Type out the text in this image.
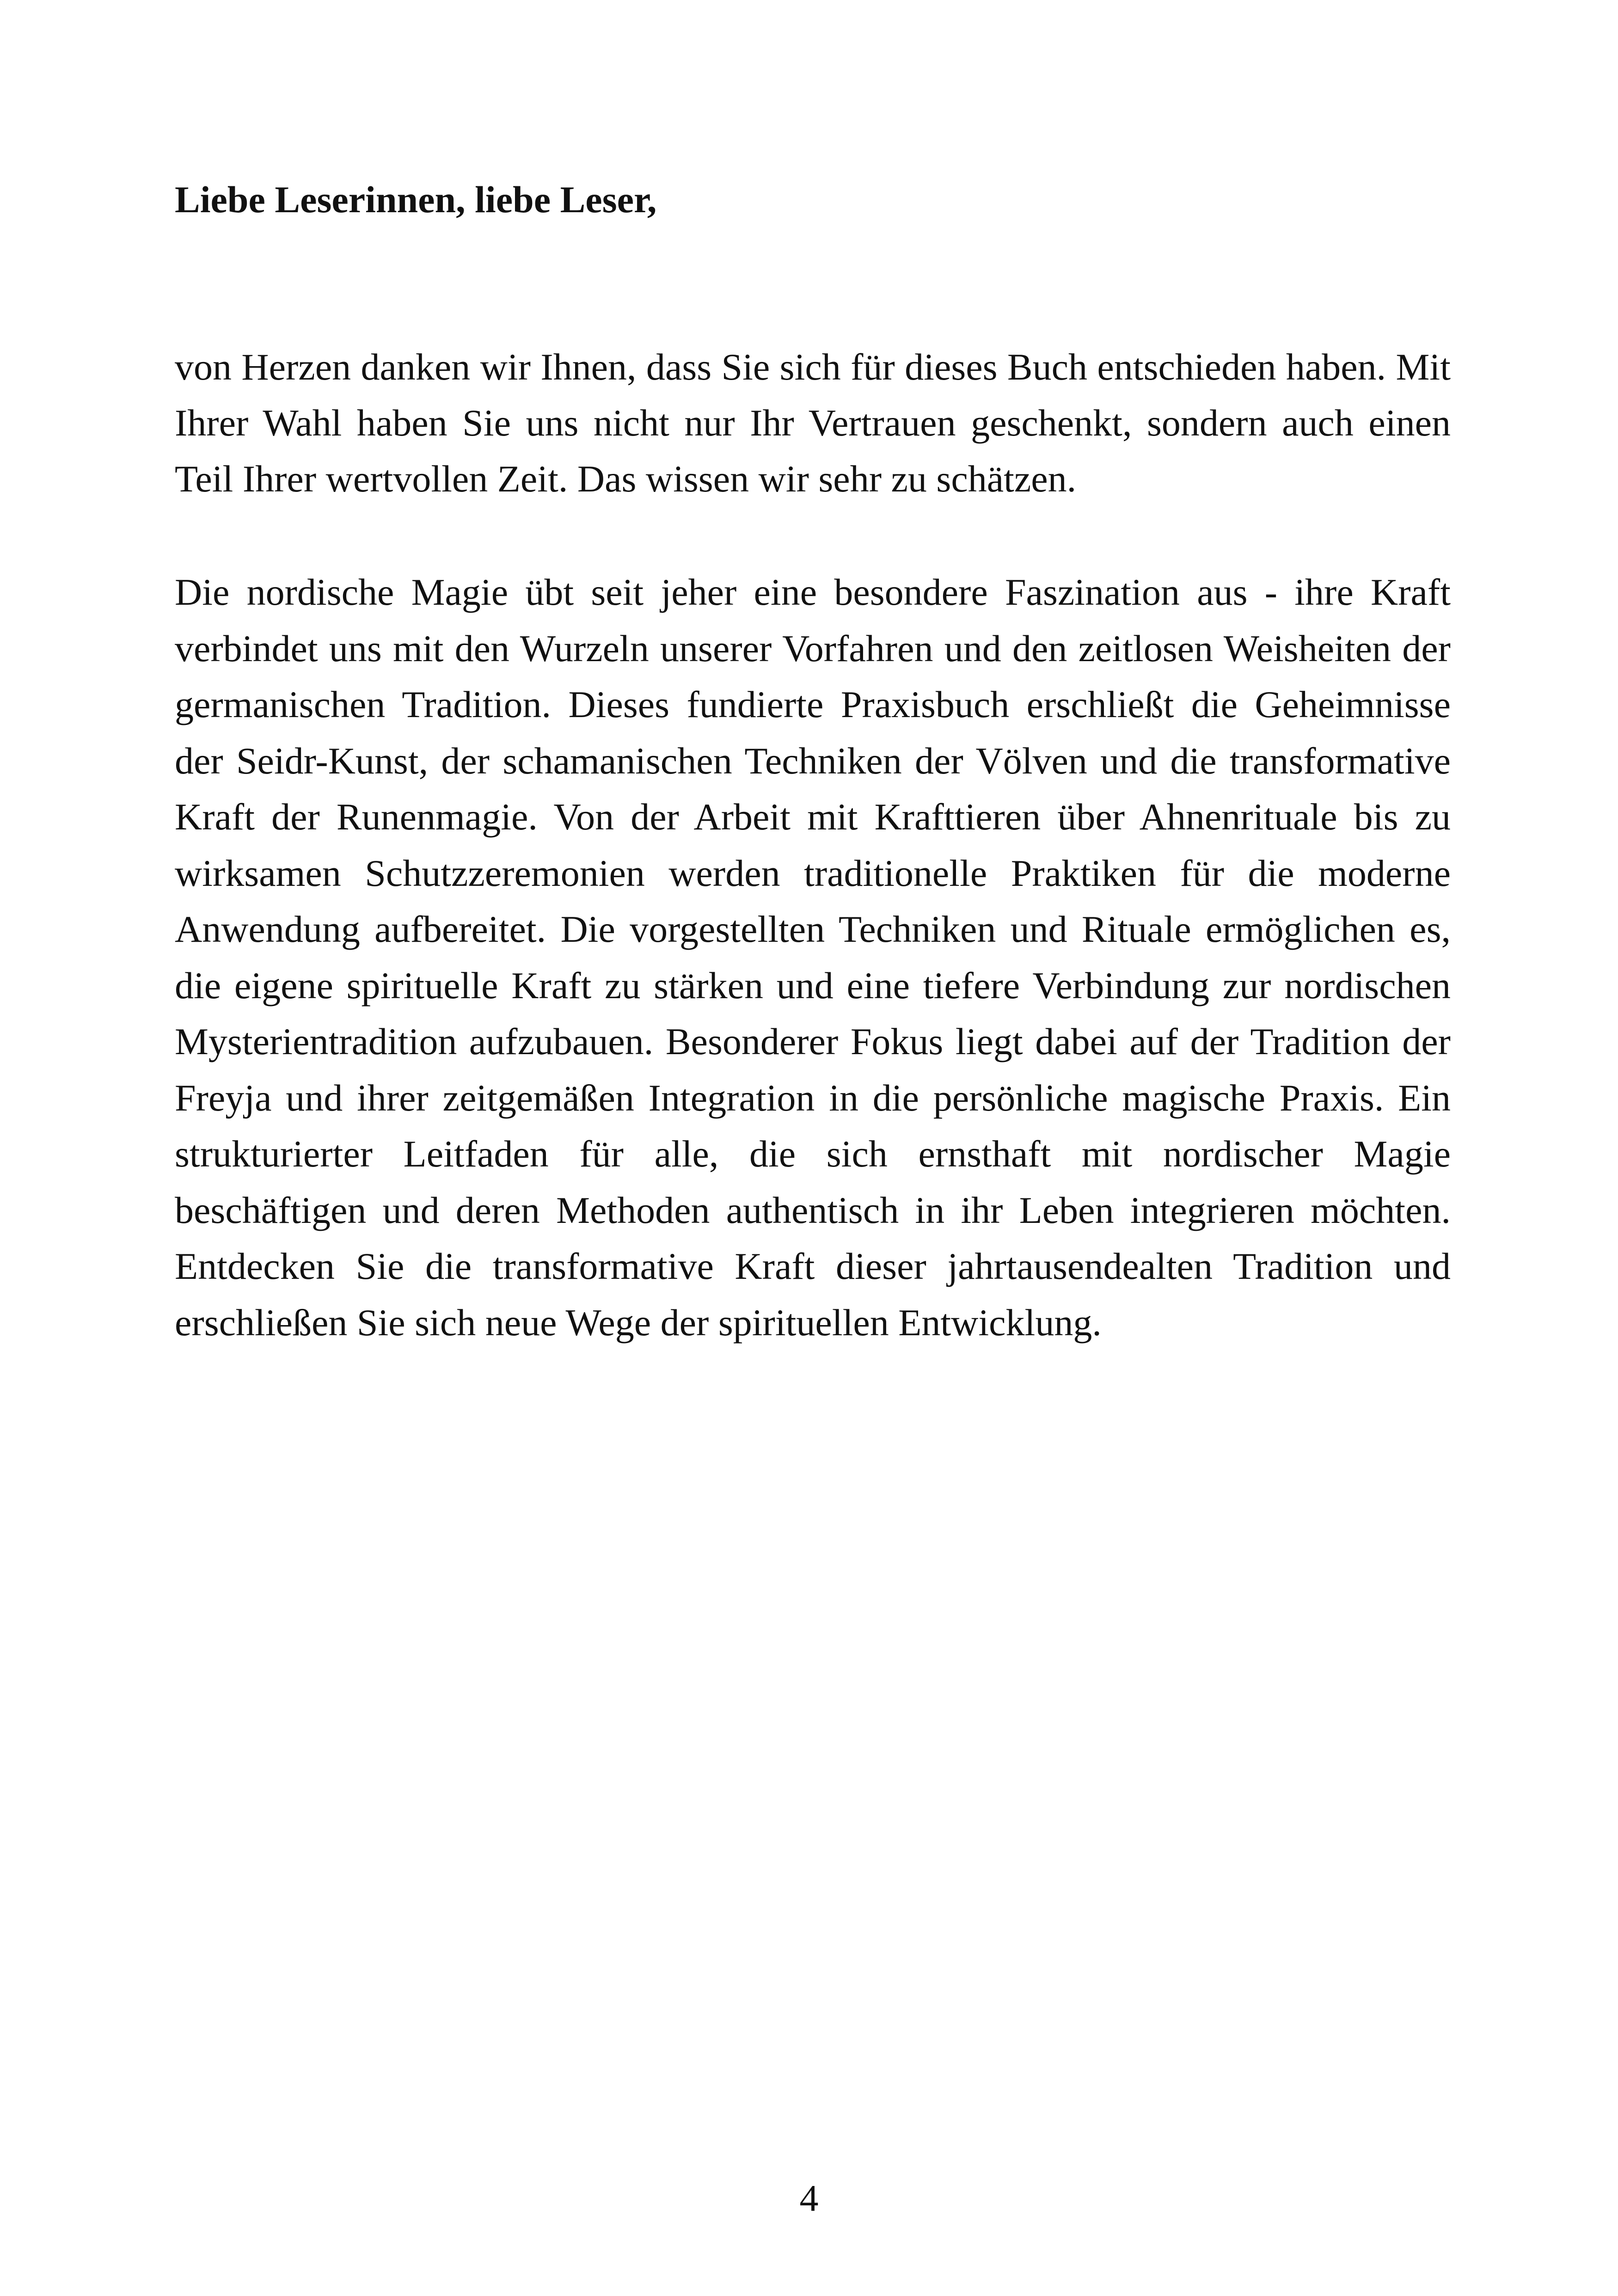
Liebe Leserinnen, liebe Leser,

von Herzen danken wir Ihnen, dass Sie sich für dieses Buch entschieden haben. Mit Ihrer Wahl haben Sie uns nicht nur Ihr Vertrauen geschenkt, sondern auch einen Teil Ihrer wertvollen Zeit. Das wissen wir sehr zu schätzen.

Die nordische Magie übt seit jeher eine besondere Faszination aus - ihre Kraft verbindet uns mit den Wurzeln unserer Vorfahren und den zeitlosen Weisheiten der germanischen Tradition. Dieses fundierte Praxisbuch erschließt die Geheimnisse der Seidr-Kunst, der schamanischen Techniken der Völven und die transformative Kraft der Runenmagie. Von der Arbeit mit Krafttieren über Ahnenrituale bis zu wirksamen Schutzzeremonien werden traditionelle Praktiken für die moderne Anwendung aufbereitet. Die vorgestellten Techniken und Rituale ermöglichen es, die eigene spirituelle Kraft zu stärken und eine tiefere Verbindung zur nordischen Mysterientradition aufzubauen. Besonderer Fokus liegt dabei auf der Tradition der Freyja und ihrer zeitgemäßen Integration in die persönliche magische Praxis. Ein strukturierter Leitfaden für alle, die sich ernsthaft mit nordischer Magie beschäftigen und deren Methoden authentisch in ihr Leben integrieren möchten. Entdecken Sie die transformative Kraft dieser jahrtausendealten Tradition und erschließen Sie sich neue Wege der spirituellen Entwicklung.

4
